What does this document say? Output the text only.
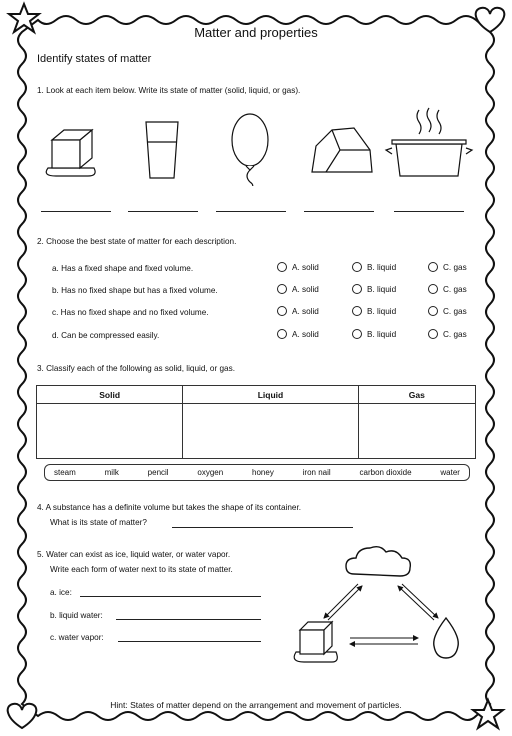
Matter and properties
Identify states of matter
1. Look at each item below. Write its state of matter (solid, liquid, or gas).
2. Choose the best state of matter for each description.
a. Has a fixed shape and fixed volume.	A. solid	B. liquid	C. gas
b. Has no fixed shape but has a fixed volume.	A. solid	B. liquid	C. gas
c. Has no fixed shape and no fixed volume.	A. solid	B. liquid	C. gas
d. Can be compressed easily.	A. solid	B. liquid	C. gas
3. Classify each of the following as solid, liquid, or gas.
Solid	Liquid	Gas

steam	milk	pencil	oxygen	honey	iron nail	carbon dioxide	water
4. A substance has a definite volume but takes the shape of its container.
What is its state of matter?
5. Water can exist as ice, liquid water, or water vapor.
Write each form of water next to its state of matter.
a. ice:
b. liquid water:
c. water vapor:
Hint: States of matter depend on the arrangement and movement of particles.
